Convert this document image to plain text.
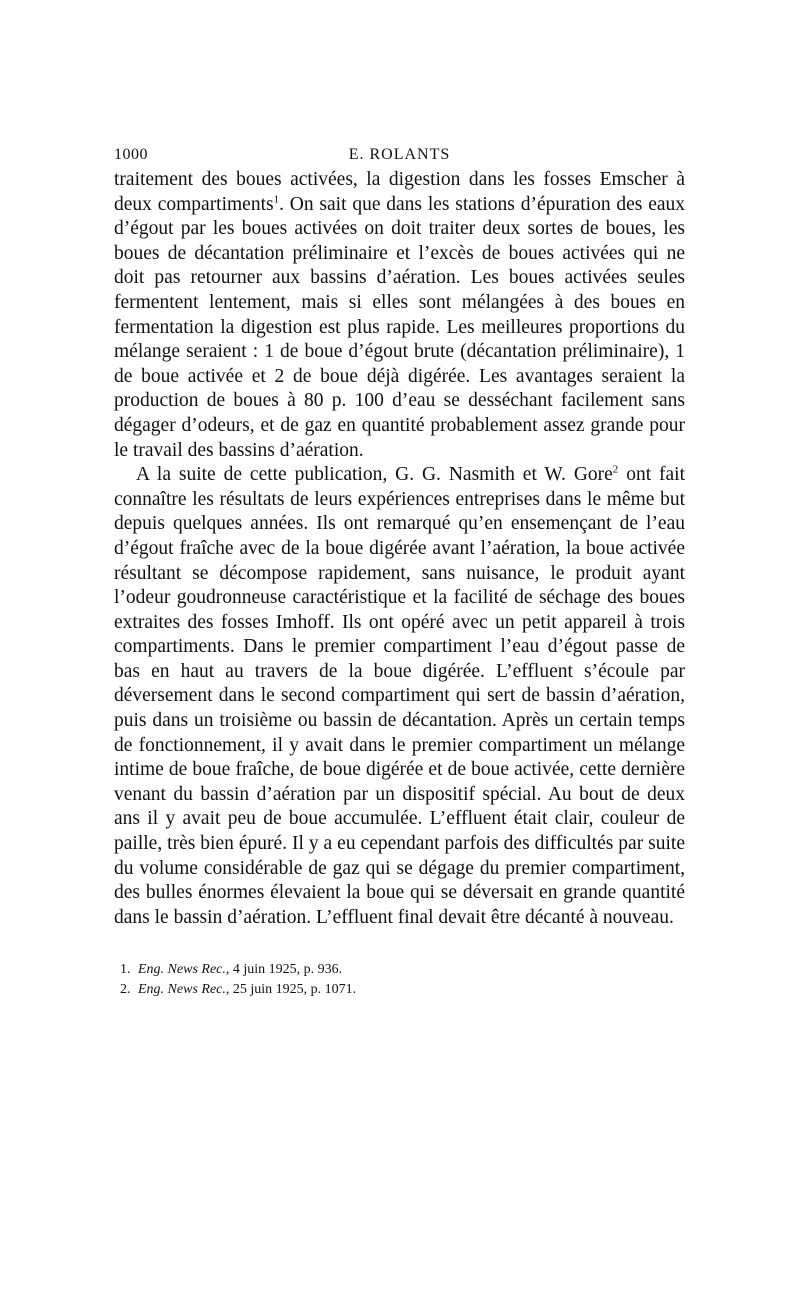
1000	E. ROLANTS

traitement des boues activées, la digestion dans les fosses Emscher à deux compartiments$^1$. On sait que dans les stations d’épuration des eaux d’égout par les boues activées on doit traiter deux sortes de boues, les boues de décantation préliminaire et l’excès de boues activées qui ne doit pas retourner aux bassins d’aération. Les boues activées seules fermentent lentement, mais si elles sont mélangées à des boues en fermentation la digestion est plus rapide. Les meilleures proportions du mélange seraient : 1 de boue d’égout brute (décantation préliminaire), 1 de boue activée et 2 de boue déjà digérée. Les avantages seraient la production de boues à 80 p. 100 d’eau se desséchant facilement sans dégager d’odeurs, et de gaz en quantité probablement assez grande pour le travail des bassins d’aération.

A la suite de cette publication, G. G. Nasmith et W. Gore$^2$ ont fait connaître les résultats de leurs expériences entreprises dans le même but depuis quelques années. Ils ont remarqué qu’en ensemençant de l’eau d’égout fraîche avec de la boue digérée avant l’aération, la boue activée résultant se décompose rapidement, sans nuisance, le produit ayant l’odeur goudronneuse caractéristique et la facilité de séchage des boues extraites des fosses Imhoff. Ils ont opéré avec un petit appareil à trois compartiments. Dans le premier compartiment l’eau d’égout passe de bas en haut au travers de la boue digérée. L’effluent s’écoule par déversement dans le second compartiment qui sert de bassin d’aération, puis dans un troisième ou bassin de décantation. Après un certain temps de fonctionnement, il y avait dans le premier compartiment un mélange intime de boue fraîche, de boue digérée et de boue activée, cette dernière venant du bassin d’aération par un dispositif spécial. Au bout de deux ans il y avait peu de boue accumulée. L’effluent était clair, couleur de paille, très bien épuré. Il y a eu cependant parfois des difficultés par suite du volume considérable de gaz qui se dégage du premier compartiment, des bulles énormes élevaient la boue qui se déversait en grande quantité dans le bassin d’aération. L’effluent final devait être décanté à nouveau.

1. Eng. News Rec., 4 juin 1925, p. 936.
2. Eng. News Rec., 25 juin 1925, p. 1071.
